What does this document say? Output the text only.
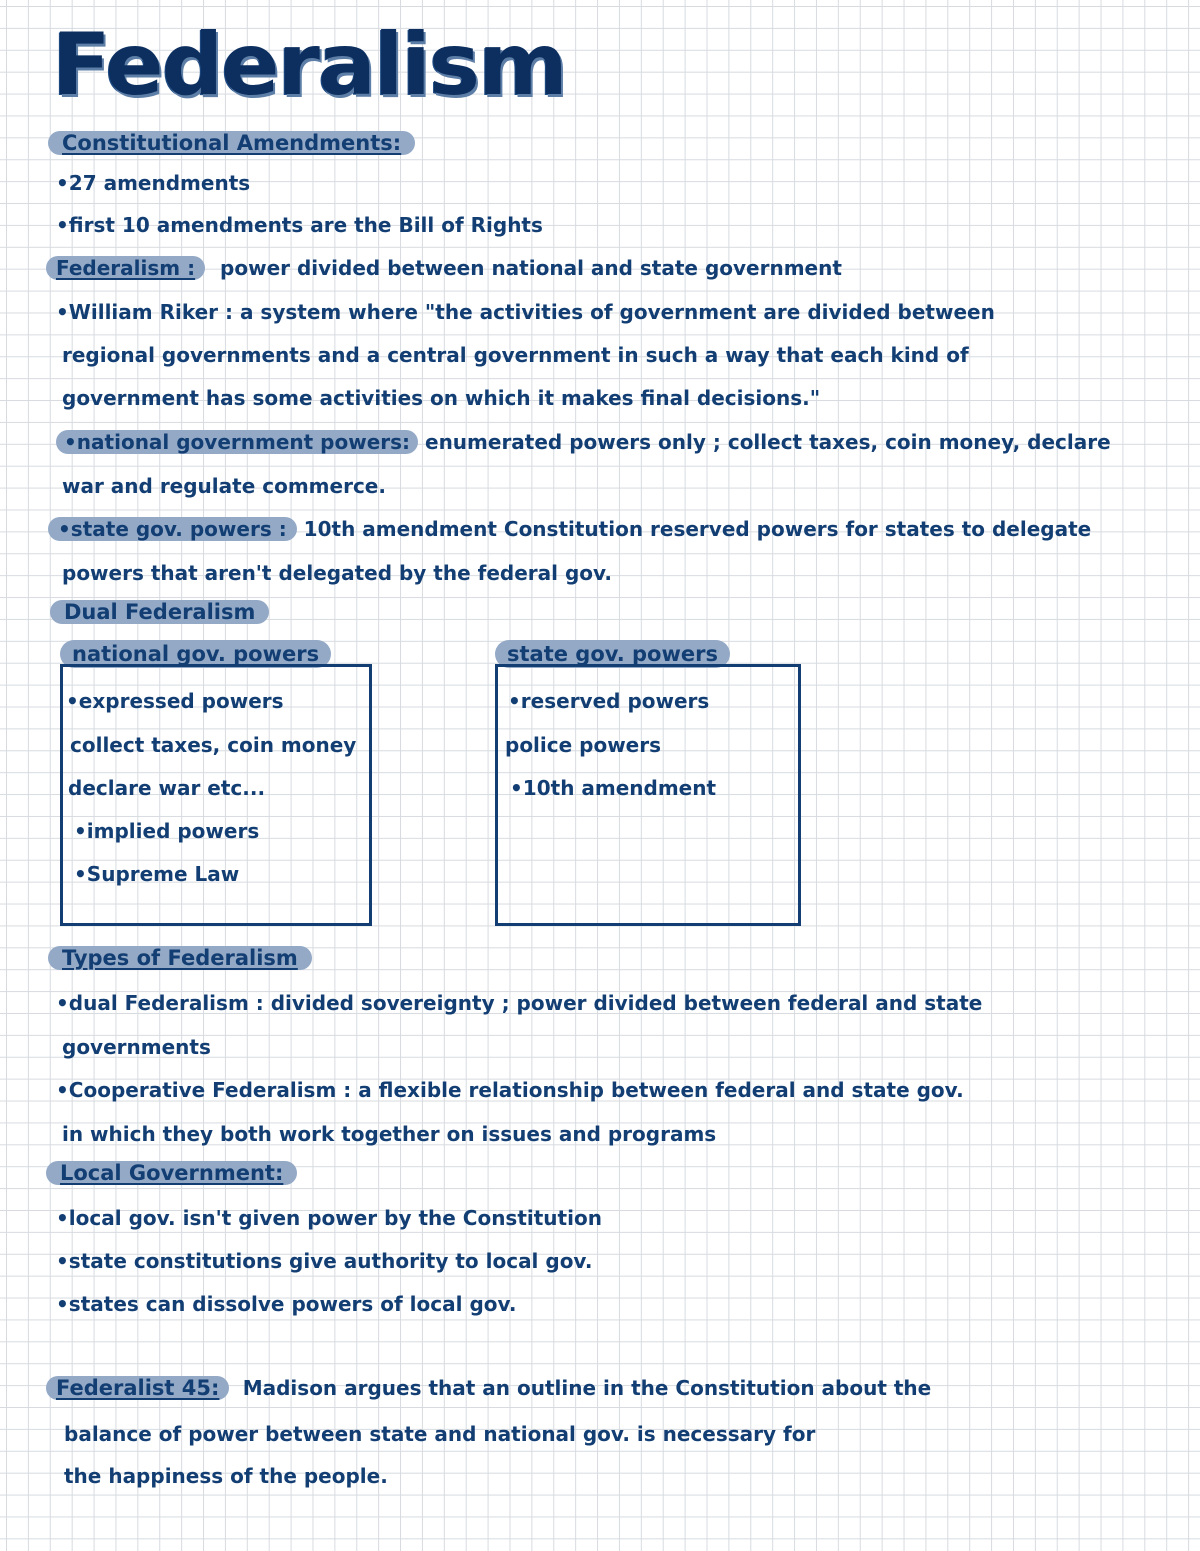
Federalism
Constitutional Amendments:
• 27 amendments
• first 10 amendments are the Bill of Rights
Federalism : power divided between national and state government
• William Riker : a system where "the activities of government are divided between
regional governments and a central government in such a way that each kind of
government has some activities on which it makes final decisions."
• national government powers: enumerated powers only ; collect taxes, coin money, declare
war and regulate commerce.
• state gov. powers : 10th amendment Constitution reserved powers for states to delegate
powers that aren't delegated by the federal gov.
Dual Federalism
national gov. powers
• expressed powers
collect taxes, coin money
declare war etc...
• implied powers
• Supreme Law
state gov. powers
• reserved powers
police powers
• 10th amendment
Types of Federalism
• dual Federalism : divided sovereignty ; power divided between federal and state
governments
• Cooperative Federalism : a flexible relationship between federal and state gov.
in which they both work together on issues and programs
Local Government:
• local gov. isn't given power by the Constitution
• state constitutions give authority to local gov.
• states can dissolve powers of local gov.
Federalist 45: Madison argues that an outline in the Constitution about the
balance of power between state and national gov. is necessary for
the happiness of the people.
